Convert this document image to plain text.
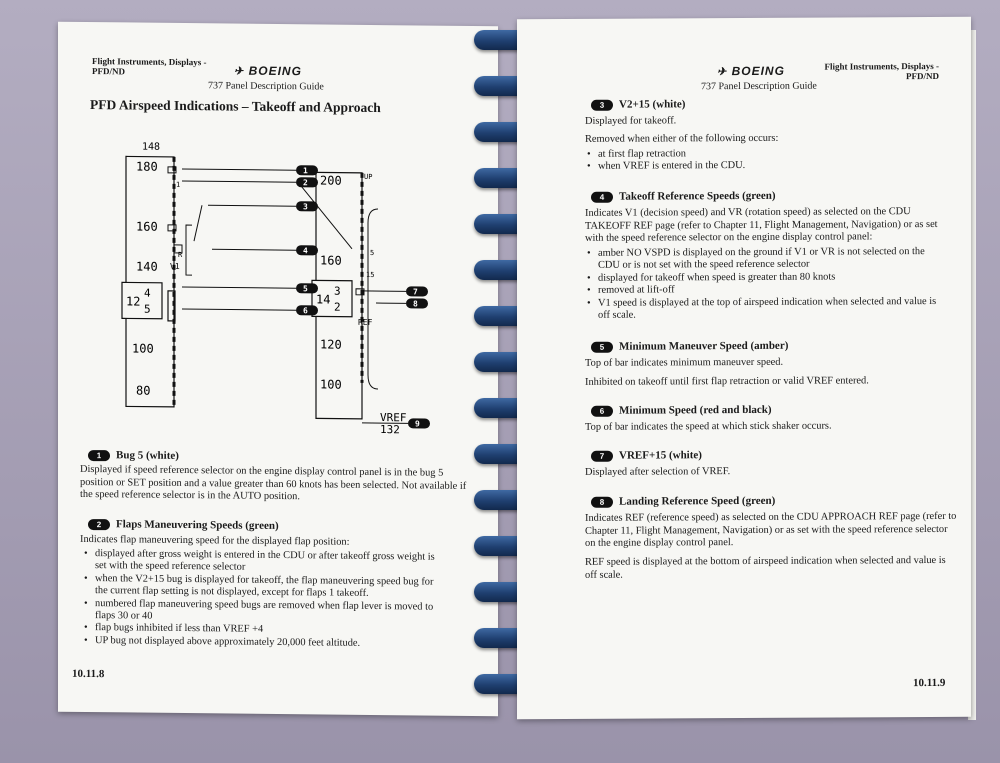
Flight Instruments, Displays - PFD/ND	✈ BOEING
737 Panel Description Guide
PFD Airspeed Indications – Takeoff and Approach
148
180
160
140
100
80
12
4
5
1
R
V1
200	UP
160
5
15
14
3
2
REF
120
100
VREF
132
1
2
3
4
5
6
7
8
9
1	Bug 5 (white)
Displayed if speed reference selector on the engine display control panel is in the bug 5 position or SET position and a value greater than 60 knots has been selected. Not available if the speed reference selector is in the AUTO position.
2	Flaps Maneuvering Speeds (green)
Indicates flap maneuvering speed for the displayed flap position:
• displayed after gross weight is entered in the CDU or after takeoff gross weight is set with the speed reference selector
• when the V2+15 bug is displayed for takeoff, the flap maneuvering speed bug for the current flap setting is not displayed, except for flaps 1 takeoff.
• numbered flap maneuvering speed bugs are removed when flap lever is moved to flaps 30 or 40
• flap bugs inhibited if less than VREF +4
• UP bug not displayed above approximately 20,000 feet altitude.
10.11.8
Flight Instruments, Displays - PFD/ND
✈ BOEING
737 Panel Description Guide
3	V2+15 (white)
Displayed for takeoff.
Removed when either of the following occurs:
• at first flap retraction
• when VREF is entered in the CDU.
4	Takeoff Reference Speeds (green)
Indicates V1 (decision speed) and VR (rotation speed) as selected on the CDU TAKEOFF REF page (refer to Chapter 11, Flight Management, Navigation) or as set with the speed reference selector on the engine display control panel:
• amber NO VSPD is displayed on the ground if V1 or VR is not selected on the CDU or is not set with the speed reference selector
• displayed for takeoff when speed is greater than 80 knots
• removed at lift-off
• V1 speed is displayed at the top of airspeed indication when selected and value is off scale.
5	Minimum Maneuver Speed (amber)
Top of bar indicates minimum maneuver speed.
Inhibited on takeoff until first flap retraction or valid VREF entered.
6	Minimum Speed (red and black)
Top of bar indicates the speed at which stick shaker occurs.
7	VREF+15 (white)
Displayed after selection of VREF.
8	Landing Reference Speed (green)
Indicates REF (reference speed) as selected on the CDU APPROACH REF page (refer to Chapter 11, Flight Management, Navigation) or as set with the speed reference selector on the engine display control panel.
REF speed is displayed at the bottom of airspeed indication when selected and value is off scale.
10.11.9
